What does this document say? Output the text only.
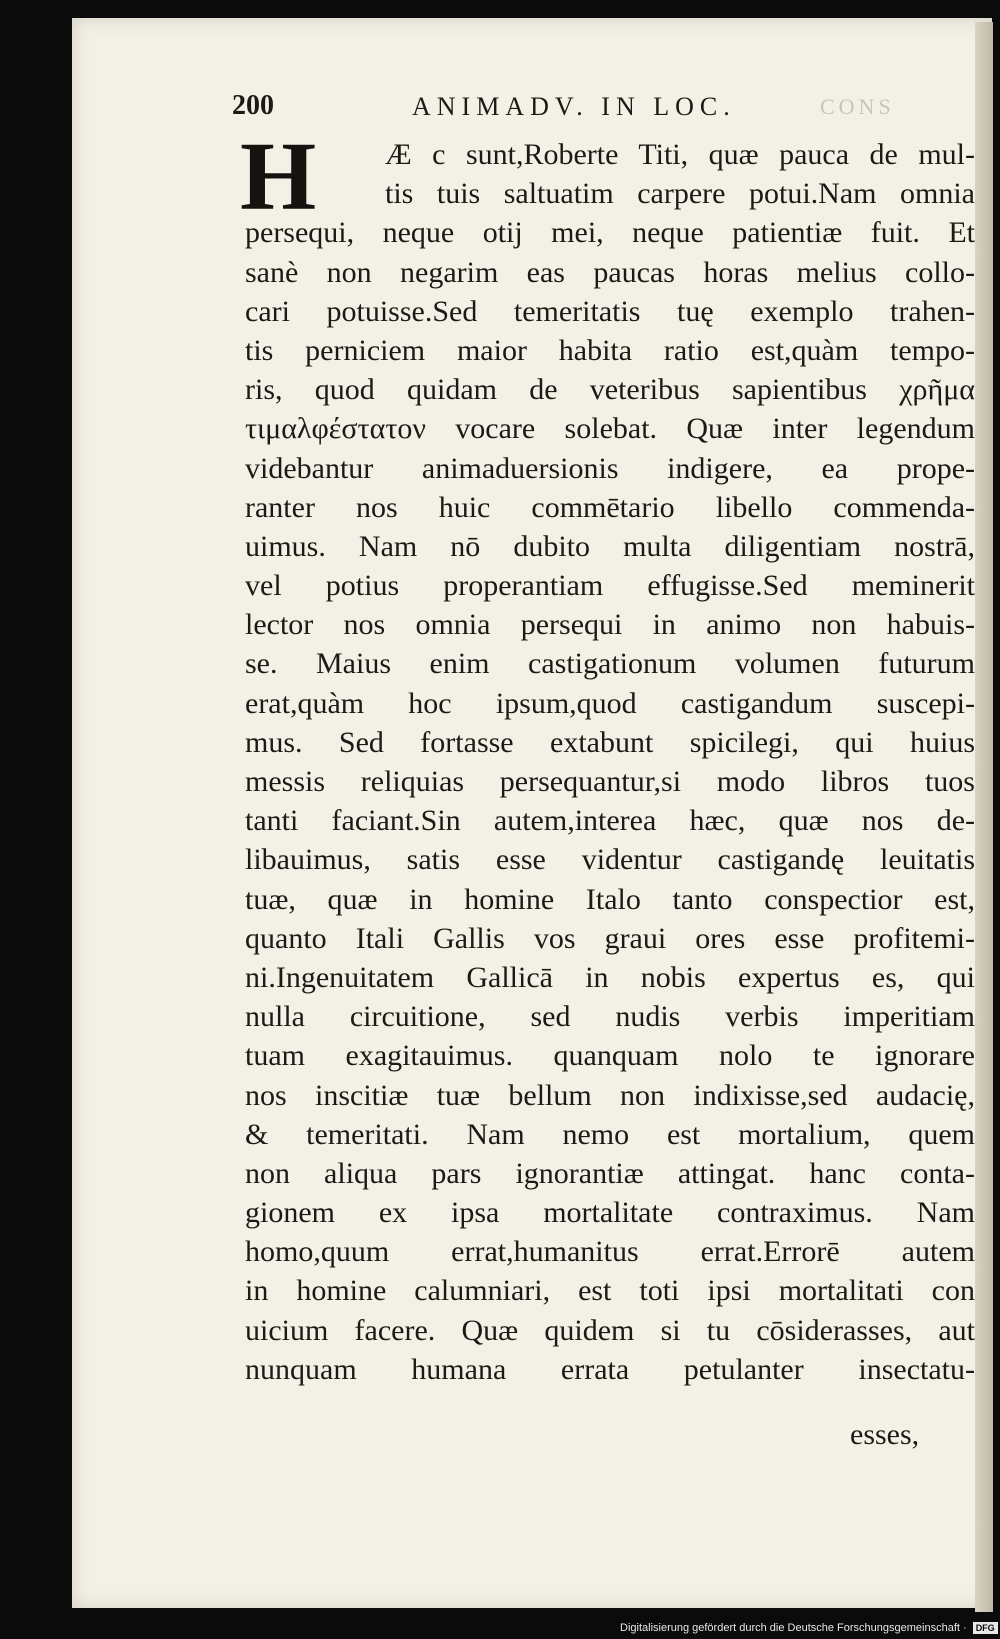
200	ANIMADV. IN LOC.	CONS
H	Æ c sunt,Roberte Titi, quæ pauca de mul-
tis tuis saltuatim carpere potui.Nam omnia
persequi, neque otij mei, neque patientiæ fuit. Et
sanè non negarim eas paucas horas melius collo-
cari potuisse.Sed temeritatis tuę exemplo trahen-
tis perniciem maior habita ratio est,quàm tempo-
ris, quod quidam de veteribus sapientibus χρῆμα
τιμαλφέστατον vocare solebat. Quæ inter legendum
videbantur animaduersionis indigere, ea prope-
ranter nos huic commētario libello commenda-
uimus. Nam nō dubito multa diligentiam nostrā,
vel potius properantiam effugisse.Sed meminerit
lector nos omnia persequi in animo non habuis-
se. Maius enim castigationum volumen futurum
erat,quàm hoc ipsum,quod castigandum suscepi-
mus. Sed fortasse extabunt spicilegi, qui huius
messis reliquias persequantur,si modo libros tuos
tanti faciant.Sin autem,interea hæc, quæ nos de-
libauimus, satis esse videntur castigandę leuitatis
tuæ, quæ in homine Italo tanto conspectior est,
quanto Itali Gallis vos graui ores esse profitemi-
ni.Ingenuitatem Gallicā in nobis expertus es, qui
nulla circuitione, sed nudis verbis imperitiam
tuam exagitauimus. quanquam nolo te ignorare
nos inscitiæ tuæ bellum non indixisse,sed audacię,
& temeritati. Nam nemo est mortalium, quem
non aliqua pars ignorantiæ attingat. hanc conta-
gionem ex ipsa mortalitate contraximus. Nam
homo,quum errat,humanitus errat.Errorē autem
in homine calumniari, est toti ipsi mortalitati con
uicium facere. Quæ quidem si tu cōsiderasses, aut
nunquam humana errata petulanter insectatu-
esses,
Digitalisierung gefördert durch die Deutsche Forschungsgemeinschaft ·	DFG
